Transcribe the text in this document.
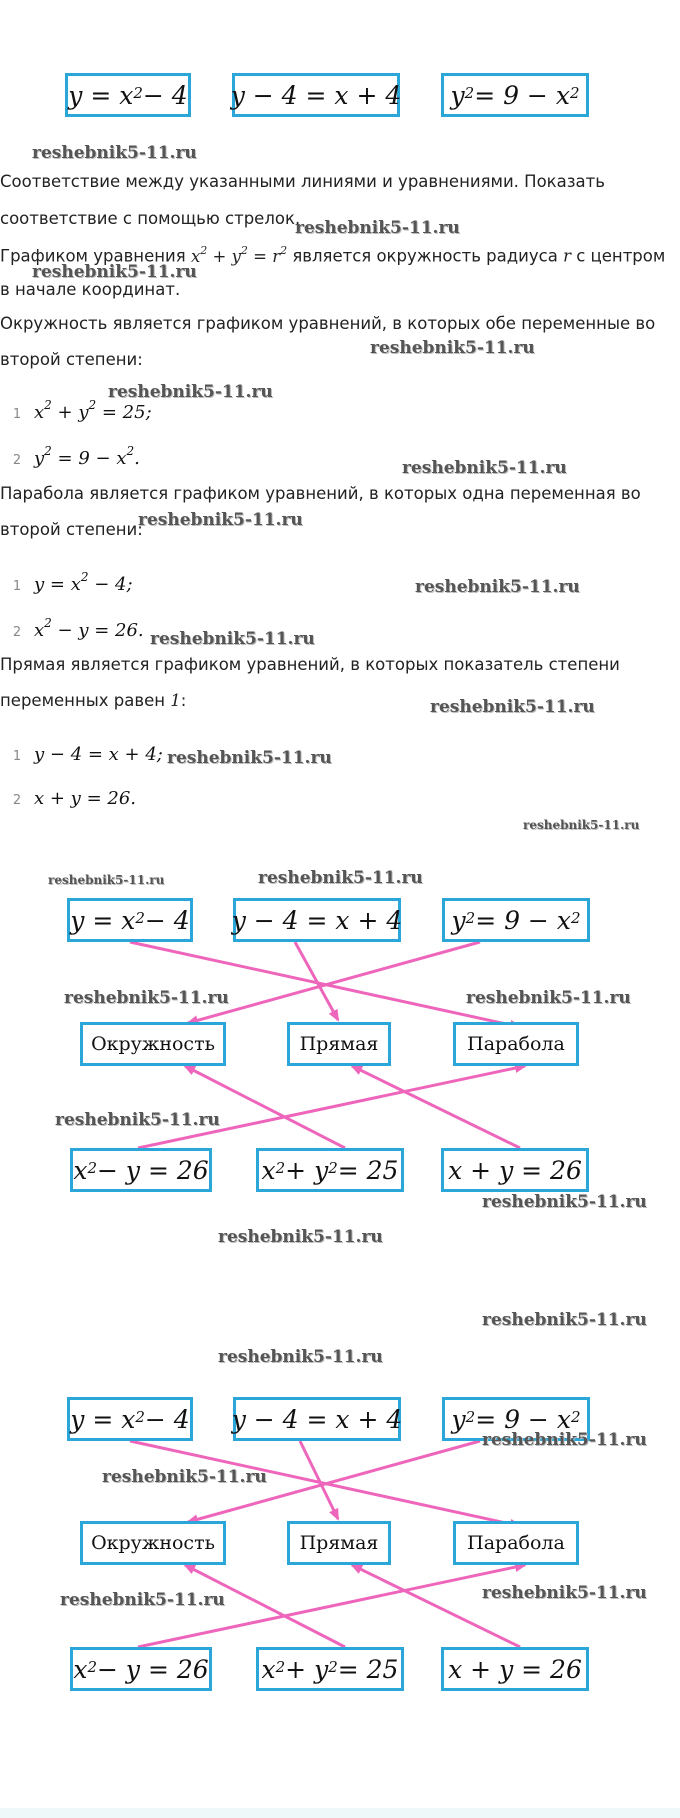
$y = x^2 - 4$ y − 4 = x + 4 $y^2 = 9 - x^2$
Соответствие между указанными линиями и уравнениями. Показать
соответствие с помощью стрелок.
Графиком уравнения $x^2 + y^2 = r^2$ является окружность радиуса r с центром
в начале координат.
Окружность является графиком уравнений, в которых обе переменные во
второй степени:
1 $x^2 + y^2 = 25$;
2 $y^2 = 9 - x^2$.
Парабола является графиком уравнений, в которых одна переменная во
второй степени:
1 $y = x^2 - 4$;
2 $x^2 - y = 26$.
Прямая является графиком уравнений, в которых показатель степени
переменных равен 1:
1 y − 4 = x + 4;
2 x + y = 26.
$y = x^2 - 4$ y − 4 = x + 4 $y^2 = 9 - x^2$
Окружность	Прямая	Парабола
$x^2 - y = 26$ $x^2 + y^2 = 25$ x + y = 26
$y = x^2 - 4$ y − 4 = x + 4 $y^2 = 9 - x^2$
Окружность	Прямая	Парабола
$x^2 - y = 26$ $x^2 + y^2 = 25$ x + y = 26
reshebnik5-11.ru
reshebnik5-11.ru
reshebnik5-11.ru
reshebnik5-11.ru
reshebnik5-11.ru
reshebnik5-11.ru
reshebnik5-11.ru
reshebnik5-11.ru
reshebnik5-11.ru
reshebnik5-11.ru
reshebnik5-11.ru
reshebnik5-11.ru
reshebnik5-11.ru	reshebnik5-11.ru
reshebnik5-11.ru	reshebnik5-11.ru
reshebnik5-11.ru
reshebnik5-11.ru
reshebnik5-11.ru
reshebnik5-11.ru
reshebnik5-11.ru
reshebnik5-11.ru
reshebnik5-11.ru
reshebnik5-11.ru
reshebnik5-11.ru
